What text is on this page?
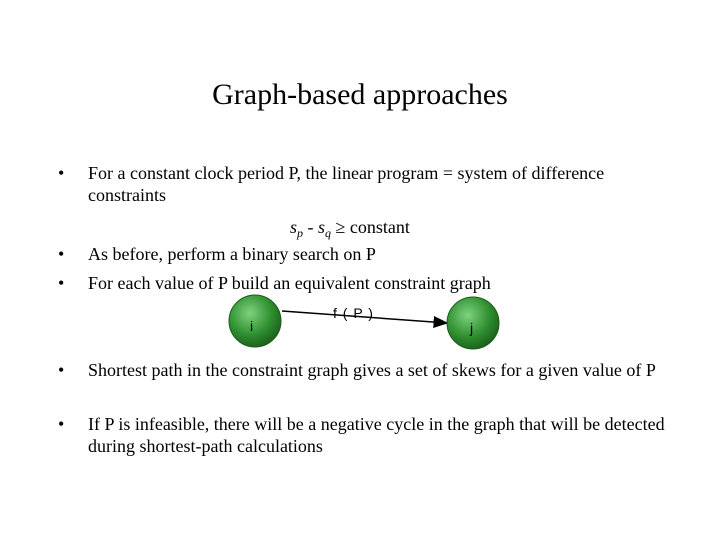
Graph-based approaches
• For a constant clock period P, the linear program = system of difference constraints
$s_p - s_q$ ≥ constant
• As before, perform a binary search on P
• For each value of P build an equivalent constraint graph
i	j
f ( P )
• Shortest path in the constraint graph gives a set of skews for a given value of P
• If P is infeasible, there will be a negative cycle in the graph that will be detected during shortest-path calculations
